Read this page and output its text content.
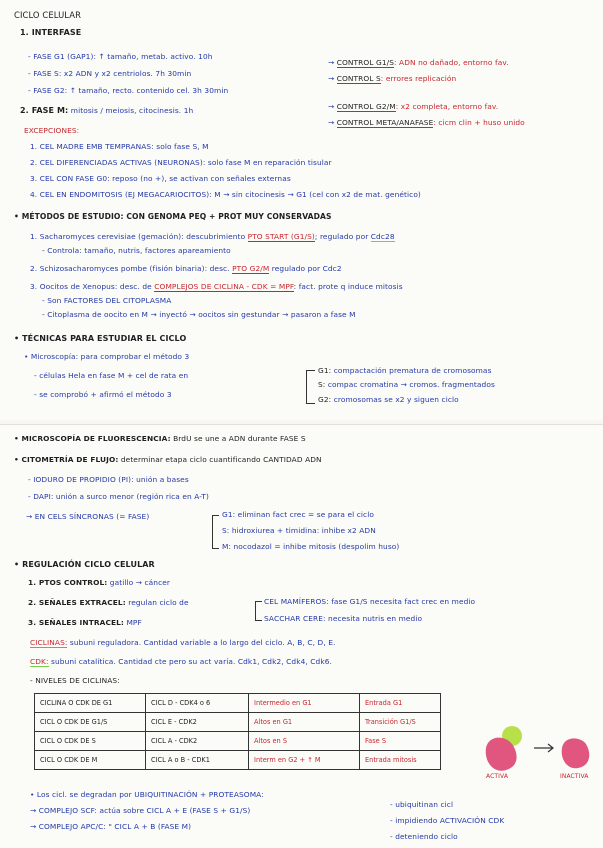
CICLO CELULAR
1. INTERFASE
- FASE G1 (GAP1): ↑ tamaño, metab. activo. 10h
- FASE S: x2 ADN y x2 centriolos. 7h 30min
- FASE G2: ↑ tamaño, recto. contenido cel. 3h 30min
→ CONTROL G1/S: ADN no dañado, entorno fav.
→ CONTROL S: errores replicación
2. FASE M: mitosis / meiosis, citocinesis. 1h	→ CONTROL G2/M: x2 completa, entorno fav.
→ CONTROL META/ANAFASE: cicm clin + huso unido
EXCEPCIONES:
1. CEL MADRE EMB TEMPRANAS: solo fase S, M
2. CEL DIFERENCIADAS ACTIVAS (NEURONAS): solo fase M en reparación tisular
3. CEL CON FASE G0: reposo (no +), se activan con señales externas
4. CEL EN ENDOMITOSIS (EJ MEGACARIOCITOS): M → sin citocinesis → G1 (cel con x2 de mat. genético)
• MÉTODOS DE ESTUDIO: CON GENOMA PEQ + PROT MUY CONSERVADAS
1. Sacharomyces cerevisiae (gemación): descubrimiento PTO START (G1/S); regulado por Cdc28
- Controla: tamaño, nutris, factores apareamiento
2. Schizosacharomyces pombe (fisión binaria): desc. PTO G2/M regulado por Cdc2
3. Oocitos de Xenopus: desc. de COMPLEJOS DE CICLINA - CDK = MPF: fact. prote q induce mitosis
- Son FACTORES DEL CITOPLASMA
- Citoplasma de oocito en M → inyectó → oocitos sin gestundar → pasaron a fase M
• TÉCNICAS PARA ESTUDIAR EL CICLO
• Microscopía: para comprobar el método 3
- células Hela en fase M + cel de rata en
- se comprobó + afirmó el método 3
G1: compactación prematura de cromosomas
S: compac cromatina → cromos. fragmentados
G2: cromosomas se x2 y siguen ciclo
• MICROSCOPÍA DE FLUORESCENCIA: BrdU se une a ADN durante FASE S
• CITOMETRÍA DE FLUJO: determinar etapa ciclo cuantificando CANTIDAD ADN
- IODURO DE PROPIDIO (PI): unión a bases
- DAPI: unión a surco menor (región rica en A-T)
→ EN CELS SÍNCRONAS (= FASE)	G1: eliminan fact crec = se para el ciclo
S: hidroxiurea + timidina: inhibe x2 ADN
M: nocodazol = inhibe mitosis (despolim huso)
• REGULACIÓN CICLO CELULAR
1. PTOS CONTROL: gatillo → cáncer
2. SEÑALES EXTRACEL: regulan ciclo de	CEL MAMÍFEROS: fase G1/S necesita fact crec en medio
SACCHAR CERE: necesita nutris en medio
3. SEÑALES INTRACEL: MPF
CICLINAS: subuni reguladora. Cantidad variable a lo largo del ciclo. A, B, C, D, E.
CDK: subuni catalítica. Cantidad cte pero su act varía. Cdk1, Cdk2, Cdk4, Cdk6.
- NIVELES DE CICLINAS:
CICLINA O CDK DE G1	CICL D - CDK4 o 6	Intermedio en G1	Entrada G1
CICL O CDK DE G1/S	CICL E - CDK2	Altos en G1	Transición G1/S
CICL O CDK DE S	CICL A - CDK2	Altos en S	Fase S
CICL O CDK DE M	CICL A o B - CDK1	Interm en G2 + ↑ M	Entrada mitosis
ACTIVA	INACTIVA
• Los cicl. se degradan por UBIQUITINACIÓN + PROTEASOMA:
→ COMPLEJO SCF: actúa sobre CICL A + E (FASE S + G1/S)
→ COMPLEJO APC/C: " CICL A + B (FASE M)
- ubiquitinan cicl
- impidiendo ACTIVACIÓN CDK
- deteniendo ciclo
